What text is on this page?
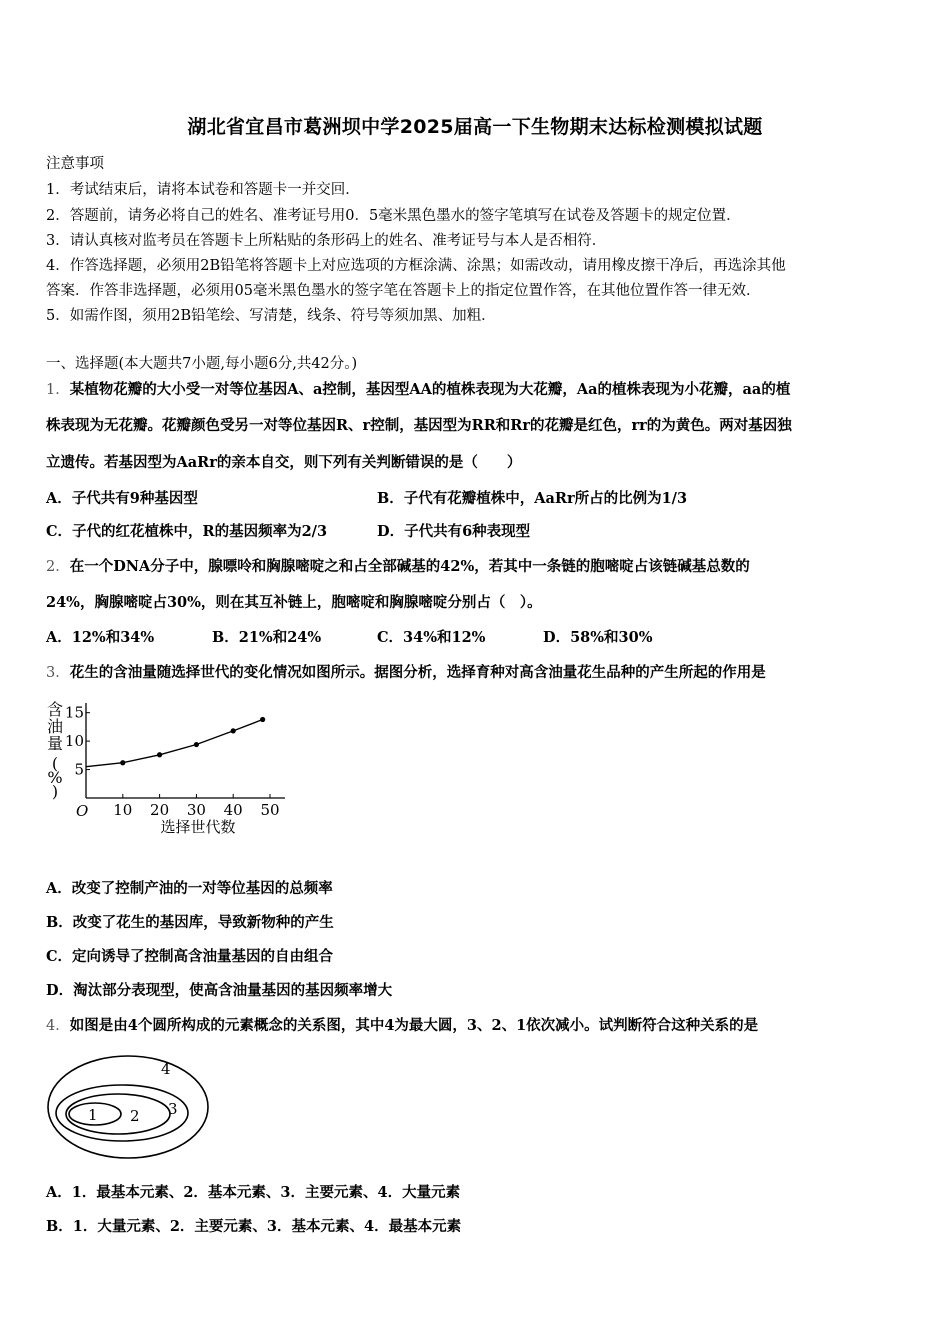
湖北省宜昌市葛洲坝中学2025届高一下生物期末达标检测模拟试题
注意事项
1．考试结束后，请将本试卷和答题卡一并交回．
2．答题前，请务必将自己的姓名、准考证号用0．5毫米黑色墨水的签字笔填写在试卷及答题卡的规定位置．
3．请认真核对监考员在答题卡上所粘贴的条形码上的姓名、准考证号与本人是否相符．
4．作答选择题，必须用2B铅笔将答题卡上对应选项的方框涂满、涂黑；如需改动，请用橡皮擦干净后，再选涂其他
答案．作答非选择题，必须用05毫米黑色墨水的签字笔在答题卡上的指定位置作答，在其他位置作答一律无效．
5．如需作图，须用2B铅笔绘、写清楚，线条、符号等须加黑、加粗．
一、选择题(本大题共7小题,每小题6分,共42分。)
1．某植物花瓣的大小受一对等位基因A、a控制，基因型AA的植株表现为大花瓣，Aa的植株表现为小花瓣，aa的植
株表现为无花瓣。花瓣颜色受另一对等位基因R、r控制，基因型为RR和Rr的花瓣是红色，rr的为黄色。两对基因独
立遗传。若基因型为AaRr的亲本自交，则下列有关判断错误的是（　　）
A．子代共有9种基因型	B．子代有花瓣植株中，AaRr所占的比例为1/3
C．子代的红花植株中，R的基因频率为2/3	D．子代共有6种表现型
2．在一个DNA分子中，腺嘌呤和胸腺嘧啶之和占全部碱基的42%，若其中一条链的胞嘧啶占该链碱基总数的
24%，胸腺嘧啶占30%，则在其互补链上，胞嘧啶和胸腺嘧啶分别占（　）。
A．12%和34%	B．21%和24%	C．34%和12%	D．58%和30%
3．花生的含油量随选择世代的变化情况如图所示。据图分析，选择育种对高含油量花生品种的产生所起的作用是
含
油
量
(
%
)
10 20 30 40 50
5
10
15
O
选择世代数
A．改变了控制产油的一对等位基因的总频率
B．改变了花生的基因库，导致新物种的产生
C．定向诱导了控制高含油量基因的自由组合
D．淘汰部分表现型，使高含油量基因的基因频率增大
4．如图是由4个圆所构成的元素概念的关系图，其中4为最大圆，3、2、1依次减小。试判断符合这种关系的是
1 2 3
4
A．1．最基本元素、2．基本元素、3．主要元素、4．大量元素
B．1．大量元素、2．主要元素、3．基本元素、4．最基本元素
